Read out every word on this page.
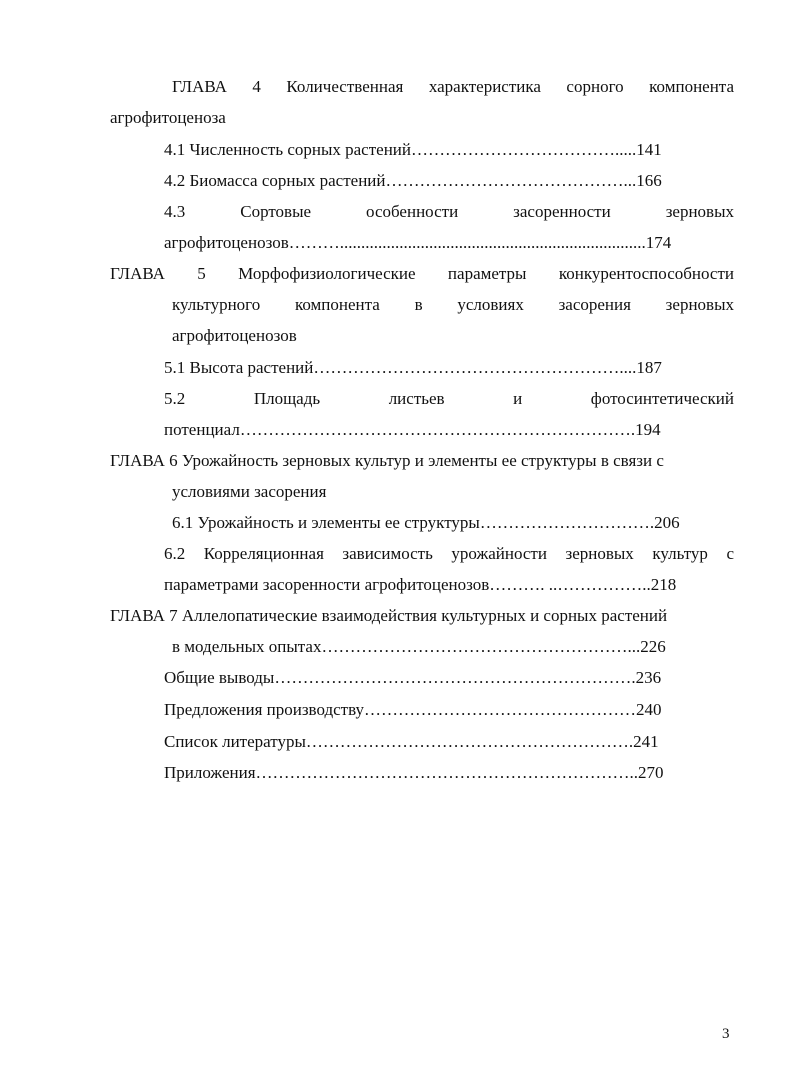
ГЛАВА 4 Количественная характеристика сорного компонента
агрофитоценоза
4.1 Численность сорных растений……………………………….....141
4.2 Биомасса сорных растений……………………………………...166
4.3 Сортовые особенности засоренности зерновых
агрофитоценозов………........................................................................174
ГЛАВА 5 Морфофизиологические параметры конкурентоспособности
культурного компонента в условиях засорения зерновых
агрофитоценозов
5.1 Высота растений………………………………………………....187
5.2 Площадь листьев и фотосинтетический
потенциал…………………………………………………………….194
ГЛАВА 6 Урожайность зерновых культур и элементы ее структуры в связи с
условиями засорения
6.1 Урожайность и элементы ее структуры………………………….206
6.2 Корреляционная зависимость урожайности зерновых культур с
параметрами засоренности агрофитоценозов………. ..……………..218
ГЛАВА 7 Аллелопатические взаимодействия культурных и сорных растений
в модельных опытах………………………………………………...226
Общие выводы……………………………………………………….236
Предложения производству…………………………………………240
Список литературы………………………………………………….241
Приложения…………………………………………………………..270
3
